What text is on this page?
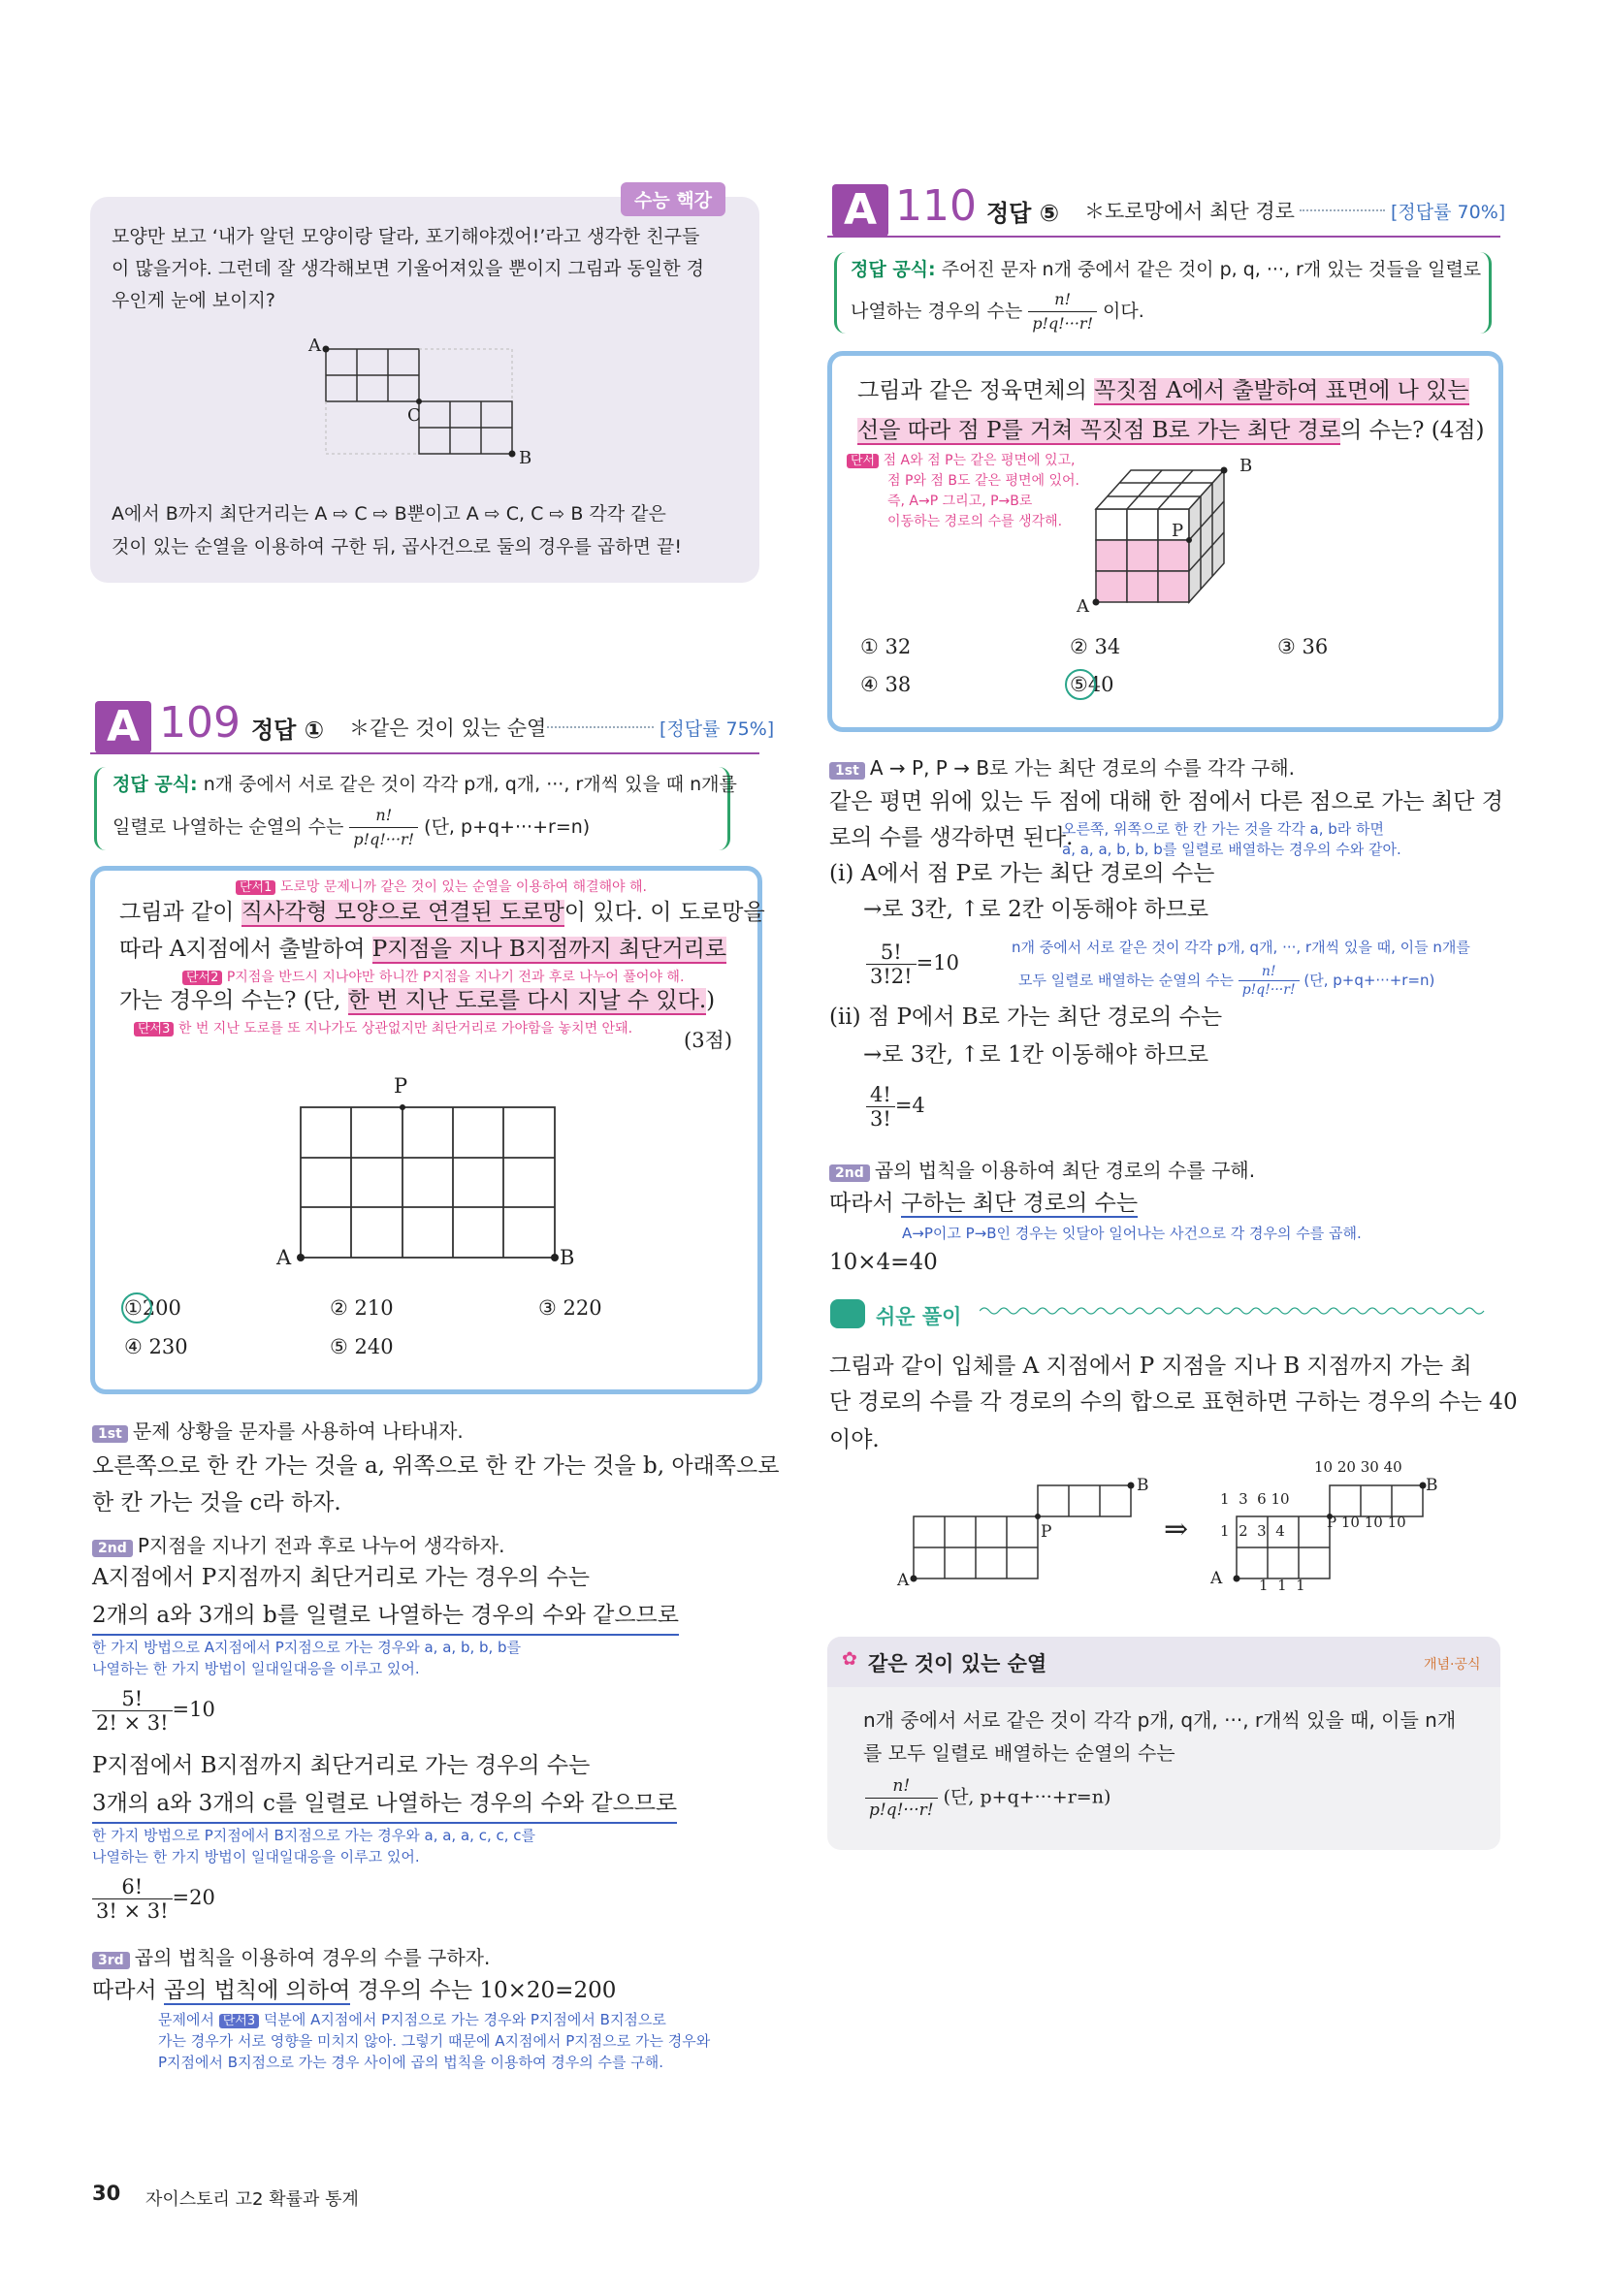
수능 핵강
모양만 보고 ‘내가 알던 모양이랑 달라, 포기해야겠어!’라고 생각한 친구들
이 많을거야. 그런데 잘 생각해보면 기울어져있을 뿐이지 그림과 동일한 경
우인게 눈에 보이지?
A
C
B
A에서 B까지 최단거리는 A ⇨ C ⇨ B뿐이고 A ⇨ C, C ⇨ B 각각 같은
것이 있는 순열을 이용하여 구한 뒤, 곱사건으로 둘의 경우를 곱하면 끝!
A 109 정답 ① ＊같은 것이 있는 순열	[정답률 75%]
정답 공식: n개 중에서 서로 같은 것이 각각 p개, q개, ···, r개씩 있을 때 n개를
일렬로 나열하는 순열의 수는 $\frac{n!}{p!q!\cdot\cdot\cdot r!}$ (단, p+q+···+r=n)
단서1 도로망 문제니까 같은 것이 있는 순열을 이용하여 해결해야 해.
그림과 같이 직사각형 모양으로 연결된 도로망이 있다. 이 도로망을
따라 A지점에서 출발하여 P지점을 지나 B지점까지 최단거리로
단서2 P지점을 반드시 지나야만 하니깐 P지점을 지나기 전과 후로 나누어 풀어야 해.
가는 경우의 수는? (단, 한 번 지난 도로를 다시 지날 수 있다.)
단서3 한 번 지난 도로를 또 지나가도 상관없지만 최단거리로 가야함을 놓치면 안돼.	(3점)
P
A	B
①200	② 210	③ 220
④ 230	⑤ 240
1st 문제 상황을 문자를 사용하여 나타내자.
오른쪽으로 한 칸 가는 것을 a, 위쪽으로 한 칸 가는 것을 b, 아래쪽으로
한 칸 가는 것을 c라 하자.
2nd P지점을 지나기 전과 후로 나누어 생각하자.
A지점에서 P지점까지 최단거리로 가는 경우의 수는
2개의 a와 3개의 b를 일렬로 나열하는 경우의 수와 같으므로
한 가지 방법으로 A지점에서 P지점으로 가는 경우와 a, a, b, b, b를
나열하는 한 가지 방법이 일대일대응을 이루고 있어.
$\frac{5!}{2! \times 3!} =10$
P지점에서 B지점까지 최단거리로 가는 경우의 수는
3개의 a와 3개의 c를 일렬로 나열하는 경우의 수와 같으므로
한 가지 방법으로 P지점에서 B지점으로 가는 경우와 a, a, a, c, c, c를
나열하는 한 가지 방법이 일대일대응을 이루고 있어.
$\frac{6!}{3! \times 3!} =20$
3rd 곱의 법칙을 이용하여 경우의 수를 구하자.
따라서 곱의 법칙에 의하여 경우의 수는 10×20=200
문제에서 단서3 덕분에 A지점에서 P지점으로 가는 경우와 P지점에서 B지점으로
가는 경우가 서로 영향을 미치지 않아. 그렇기 때문에 A지점에서 P지점으로 가는 경우와
P지점에서 B지점으로 가는 경우 사이에 곱의 법칙을 이용하여 경우의 수를 구해.
A 110 정답 ⑤ ＊도로망에서 최단 경로	[정답률 70%]
정답 공식: 주어진 문자 n개 중에서 같은 것이 p, q, ···, r개 있는 것들을 일렬로
나열하는 경우의 수는 $\frac{n!}{p!q!\cdot\cdot\cdot r!}$ 이다.
그림과 같은 정육면체의 꼭짓점 A에서 출발하여 표면에 나 있는
선을 따라 점 P를 거쳐 꼭짓점 B로 가는 최단 경로의 수는? (4점)
단서 점 A와 점 P는 같은 평면에 있고,
점 P와 점 B도 같은 평면에 있어.
즉, A→P 그리고, P→B로
이동하는 경로의 수를 생각해.
B
P
A
① 32	② 34	③ 36
④ 38	⑤40
1st A → P, P → B로 가는 최단 경로의 수를 각각 구해.
같은 평면 위에 있는 두 점에 대해 한 점에서 다른 점으로 가는 최단 경
로의 수를 생각하면 된다.
오른쪽, 위쪽으로 한 칸 가는 것을 각각 a, b라 하면
a, a, a, b, b, b를 일렬로 배열하는 경우의 수와 같아.
(ⅰ) A에서 점 P로 가는 최단 경로의 수는
→로 3칸, ↑로 2칸 이동해야 하므로
$\frac{5!}{3!2!} =10$
n개 중에서 서로 같은 것이 각각 p개, q개, ···, r개씩 있을 때, 이들 n개를
모두 일렬로 배열하는 순열의 수는 $\frac{n!}{p!q!\cdot\cdot\cdot r!}$ (단, p+q+···+r=n)
(ⅱ) 점 P에서 B로 가는 최단 경로의 수는
→로 3칸, ↑로 1칸 이동해야 하므로
$\frac{4!}{3!} =4$
2nd 곱의 법칙을 이용하여 최단 경로의 수를 구해.
따라서 구하는 최단 경로의 수는
A→P이고 P→B인 경우는 잇달아 일어나는 사건으로 각 경우의 수를 곱해.
10×4=40
쉬운 풀이
그림과 같이 입체를 A 지점에서 P 지점을 지나 B 지점까지 가는 최
단 경로의 수를 각 경로의 수의 합으로 표현하면 구하는 경우의 수는 40
이야.
A
P
B
⇒
10 20 30 40
1  3  6 10
1  2  3  4	P 10 10 10
1  1  1
A
B
✿ 같은 것이 있는 순열	개념·공식
n개 중에서 서로 같은 것이 각각 p개, q개, ···, r개씩 있을 때, 이들 n개
를 모두 일렬로 배열하는 순열의 수는
$\frac{n!}{p!q!\cdot\cdot\cdot r!}$ (단, p+q+···+r=n)
30 자이스토리 고2 확률과 통계
